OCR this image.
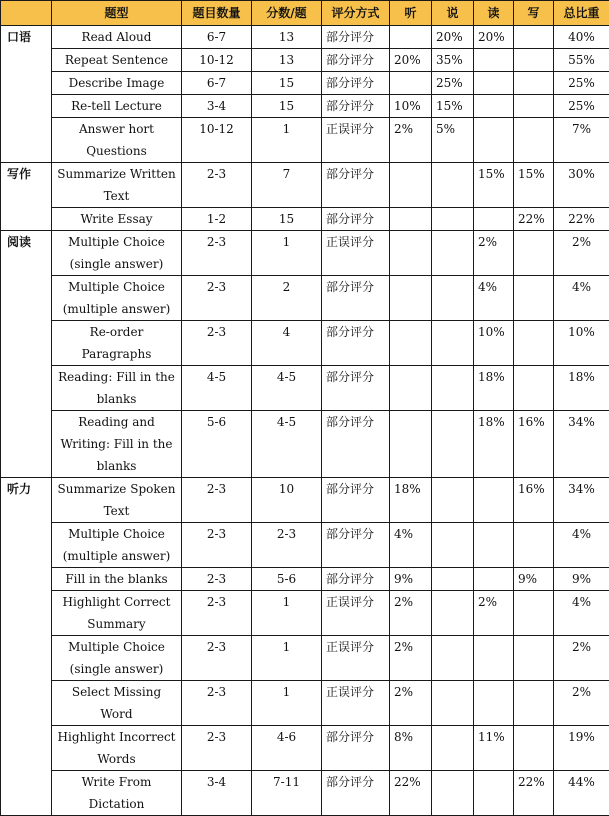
	题型	题目数量	分数/题	评分方式	听	说	读	写	总比重
口语	Read Aloud	6-7	13	部分评分		20%	20%		40%
	Repeat Sentence	10-12	13	部分评分	20%	35%			55%
	Describe Image	6-7	15	部分评分		25%			25%
	Re-tell Lecture	3-4	15	部分评分	10%	15%			25%
	Answer hort Questions	10-12	1	正误评分	2%	5%			7%
写作	Summarize Written Text	2-3	7	部分评分			15%	15%	30%
	Write Essay	1-2	15	部分评分				22%	22%
阅读	Multiple Choice (single answer)	2-3	1	正误评分			2%		2%
	Multiple Choice (multiple answer)	2-3	2	部分评分			4%		4%
	Re-order Paragraphs	2-3	4	部分评分			10%		10%
	Reading: Fill in the blanks	4-5	4-5	部分评分			18%		18%
	Reading and Writing: Fill in the blanks	5-6	4-5	部分评分			18%	16%	34%
听力	Summarize Spoken Text	2-3	10	部分评分	18%			16%	34%
	Multiple Choice (multiple answer)	2-3	2-3	部分评分	4%				4%
	Fill in the blanks	2-3	5-6	部分评分	9%			9%	9%
	Highlight Correct Summary	2-3	1	正误评分	2%		2%		4%
	Multiple Choice (single answer)	2-3	1	正误评分	2%				2%
	Select Missing Word	2-3	1	正误评分	2%				2%
	Highlight Incorrect Words	2-3	4-6	部分评分	8%		11%		19%
	Write From Dictation	3-4	7-11	部分评分	22%			22%	44%
